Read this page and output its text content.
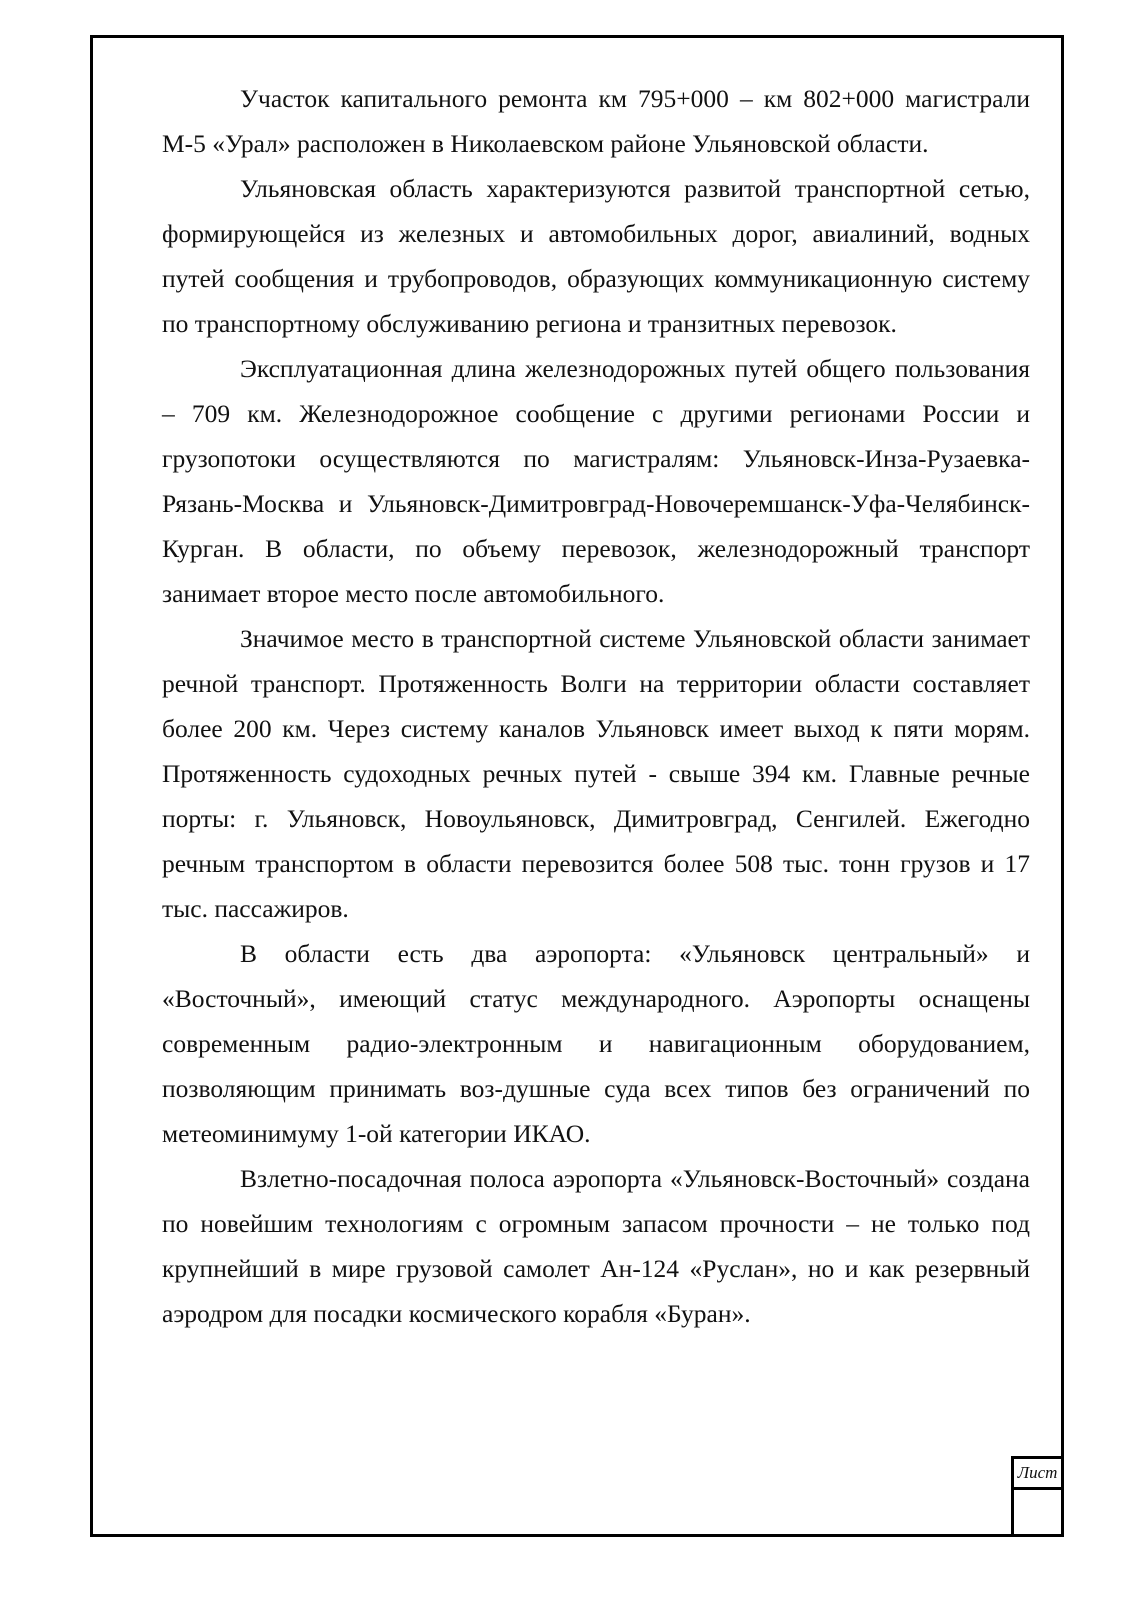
Участок капитального ремонта км 795+000 – км 802+000 магистрали М-5 «Урал» расположен в Николаевском районе Ульяновской области.

Ульяновская область характеризуются развитой транспортной сетью, формирующейся из железных и автомобильных дорог, авиалиний, водных путей сообщения и трубопроводов, образующих коммуникационную систему по транспортному обслуживанию региона и транзитных перевозок.

Эксплуатационная длина железнодорожных путей общего пользования – 709 км. Железнодорожное сообщение с другими регионами России и грузопотоки осуществляются по магистралям: Ульяновск-Инза-Рузаевка-Рязань-Москва и Ульяновск-Димитровград-Новочеремшанск-Уфа-Челябинск-Курган. В области, по объему перевозок, железнодорожный транспорт занимает второе место после автомобильного.

Значимое место в транспортной системе Ульяновской области занимает речной транспорт. Протяженность Волги на территории области составляет более 200 км. Через систему каналов Ульяновск имеет выход к пяти морям. Протяженность судоходных речных путей - свыше 394 км. Главные речные порты: г. Ульяновск, Новоульяновск, Димитровград, Сенгилей. Ежегодно речным транспортом в области перевозится более 508 тыс. тонн грузов и 17 тыс. пассажиров.

В области есть два аэропорта: «Ульяновск центральный» и «Восточный», имеющий статус международного. Аэропорты оснащены современным радио-электронным и навигационным оборудованием, позволяющим принимать воз-душные суда всех типов без ограничений по метеоминимуму 1-ой категории ИКАО.

Взлетно-посадочная полоса аэропорта «Ульяновск-Восточный» создана по новейшим технологиям с огромным запасом прочности – не только под крупнейший в мире грузовой самолет Ан-124 «Руслан», но и как резервный аэродром для посадки космического корабля «Буран».

Лист
